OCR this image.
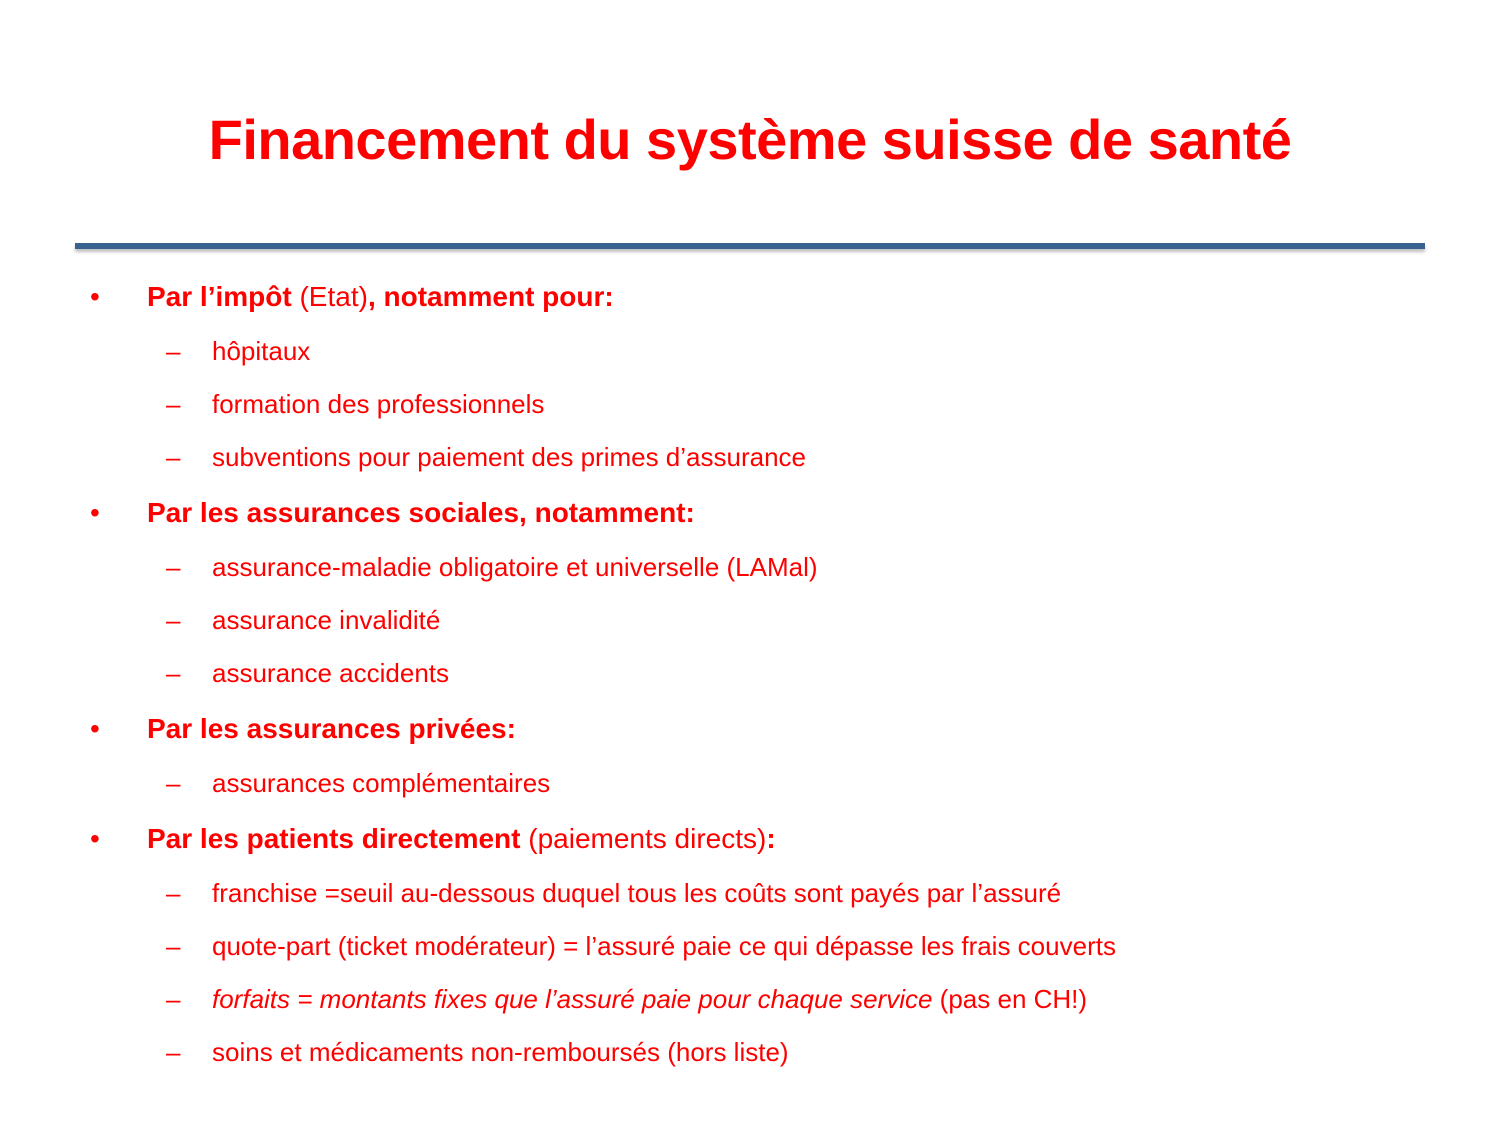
Financement du système suisse de santé
• Par l’impôt (Etat), notamment pour:
– hôpitaux
– formation des professionnels
– subventions pour paiement des primes d’assurance
• Par les assurances sociales, notamment:
– assurance-maladie obligatoire et universelle (LAMal)
– assurance invalidité
– assurance accidents
• Par les assurances privées:
– assurances complémentaires
• Par les patients directement (paiements directs):
– franchise =seuil au-dessous duquel tous les coûts sont payés par l’assuré
– quote-part (ticket modérateur) = l’assuré paie ce qui dépasse les frais couverts
– forfaits = montants fixes que l’assuré paie pour chaque service (pas en CH!)
– soins et médicaments non-remboursés (hors liste)
